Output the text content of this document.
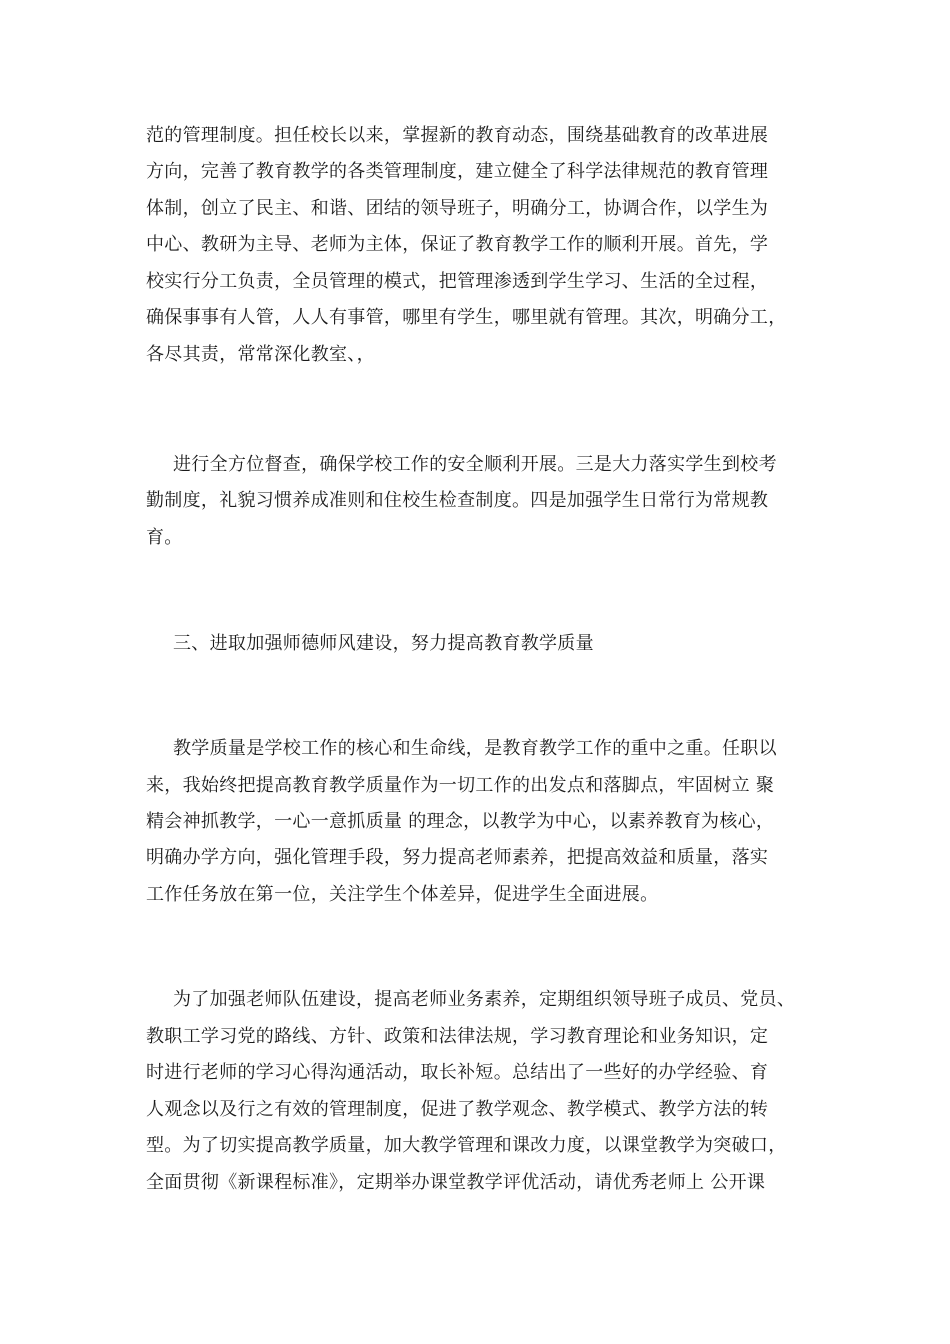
范的管理制度。担任校长以来，掌握新的教育动态，围绕基础教育的改革进展
方向，完善了教育教学的各类管理制度，建立健全了科学法律规范的教育管理
体制，创立了民主、和谐、团结的领导班子，明确分工，协调合作，以学生为
中心、教研为主导、老师为主体，保证了教育教学工作的顺利开展。首先，学
校实行分工负责，全员管理的模式，把管理渗透到学生学习、生活的全过程，
确保事事有人管，人人有事管，哪里有学生，哪里就有管理。其次，明确分工，
各尽其责，常常深化教室、，
进行全方位督查，确保学校工作的安全顺利开展。三是大力落实学生到校考
勤制度，礼貌习惯养成准则和住校生检查制度。四是加强学生日常行为常规教
育。
三、进取加强师德师风建设，努力提高教育教学质量
教学质量是学校工作的核心和生命线，是教育教学工作的重中之重。任职以
来，我始终把提高教育教学质量作为一切工作的出发点和落脚点，牢固树立 聚
精会神抓教学，一心一意抓质量 的理念，以教学为中心，以素养教育为核心，
明确办学方向，强化管理手段，努力提高老师素养，把提高效益和质量，落实
工作任务放在第一位，关注学生个体差异，促进学生全面进展。
为了加强老师队伍建设，提高老师业务素养，定期组织领导班子成员、党员、
教职工学习党的路线、方针、政策和法律法规，学习教育理论和业务知识，定
时进行老师的学习心得沟通活动，取长补短。总结出了一些好的办学经验、育
人观念以及行之有效的管理制度，促进了教学观念、教学模式、教学方法的转
型。为了切实提高教学质量，加大教学管理和课改力度，以课堂教学为突破口，
全面贯彻《新课程标准》，定期举办课堂教学评优活动，请优秀老师上 公开课
